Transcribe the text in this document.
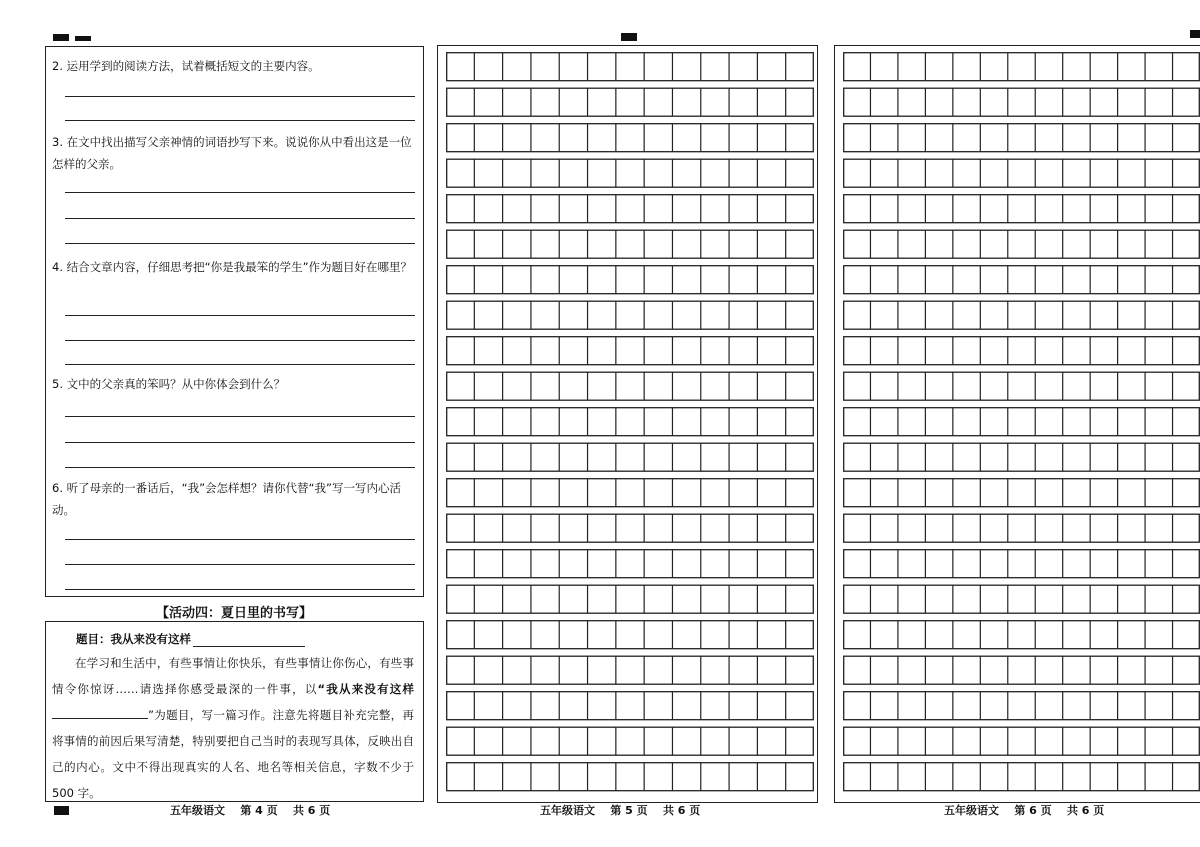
2. 运用学到的阅读方法，试着概括短文的主要内容。
3. 在文中找出描写父亲神情的词语抄写下来。说说你从中看出这是一位怎样的父亲。
4. 结合文章内容，仔细思考把“你是我最笨的学生”作为题目好在哪里？
5. 文中的父亲真的笨吗？从中你体会到什么？
6. 听了母亲的一番话后，“我”会怎样想？请你代替“我”写一写内心活动。
【活动四：夏日里的书写】
题目：我从来没有这样
在学习和生活中，有些事情让你快乐，有些事情让你伤心，有些事情令你惊讶……请选择你感受最深的一件事，以“我从来没有这样”为题目，写一篇习作。注意先将题目补充完整，再将事情的前因后果写清楚，特别要把自己当时的表现写具体，反映出自己的内心。文中不得出现真实的人名、地名等相关信息，字数不少于 500 字。
五年级语文    第 4 页    共 6 页	五年级语文    第 5 页    共 6 页	五年级语文    第 6 页    共 6 页
